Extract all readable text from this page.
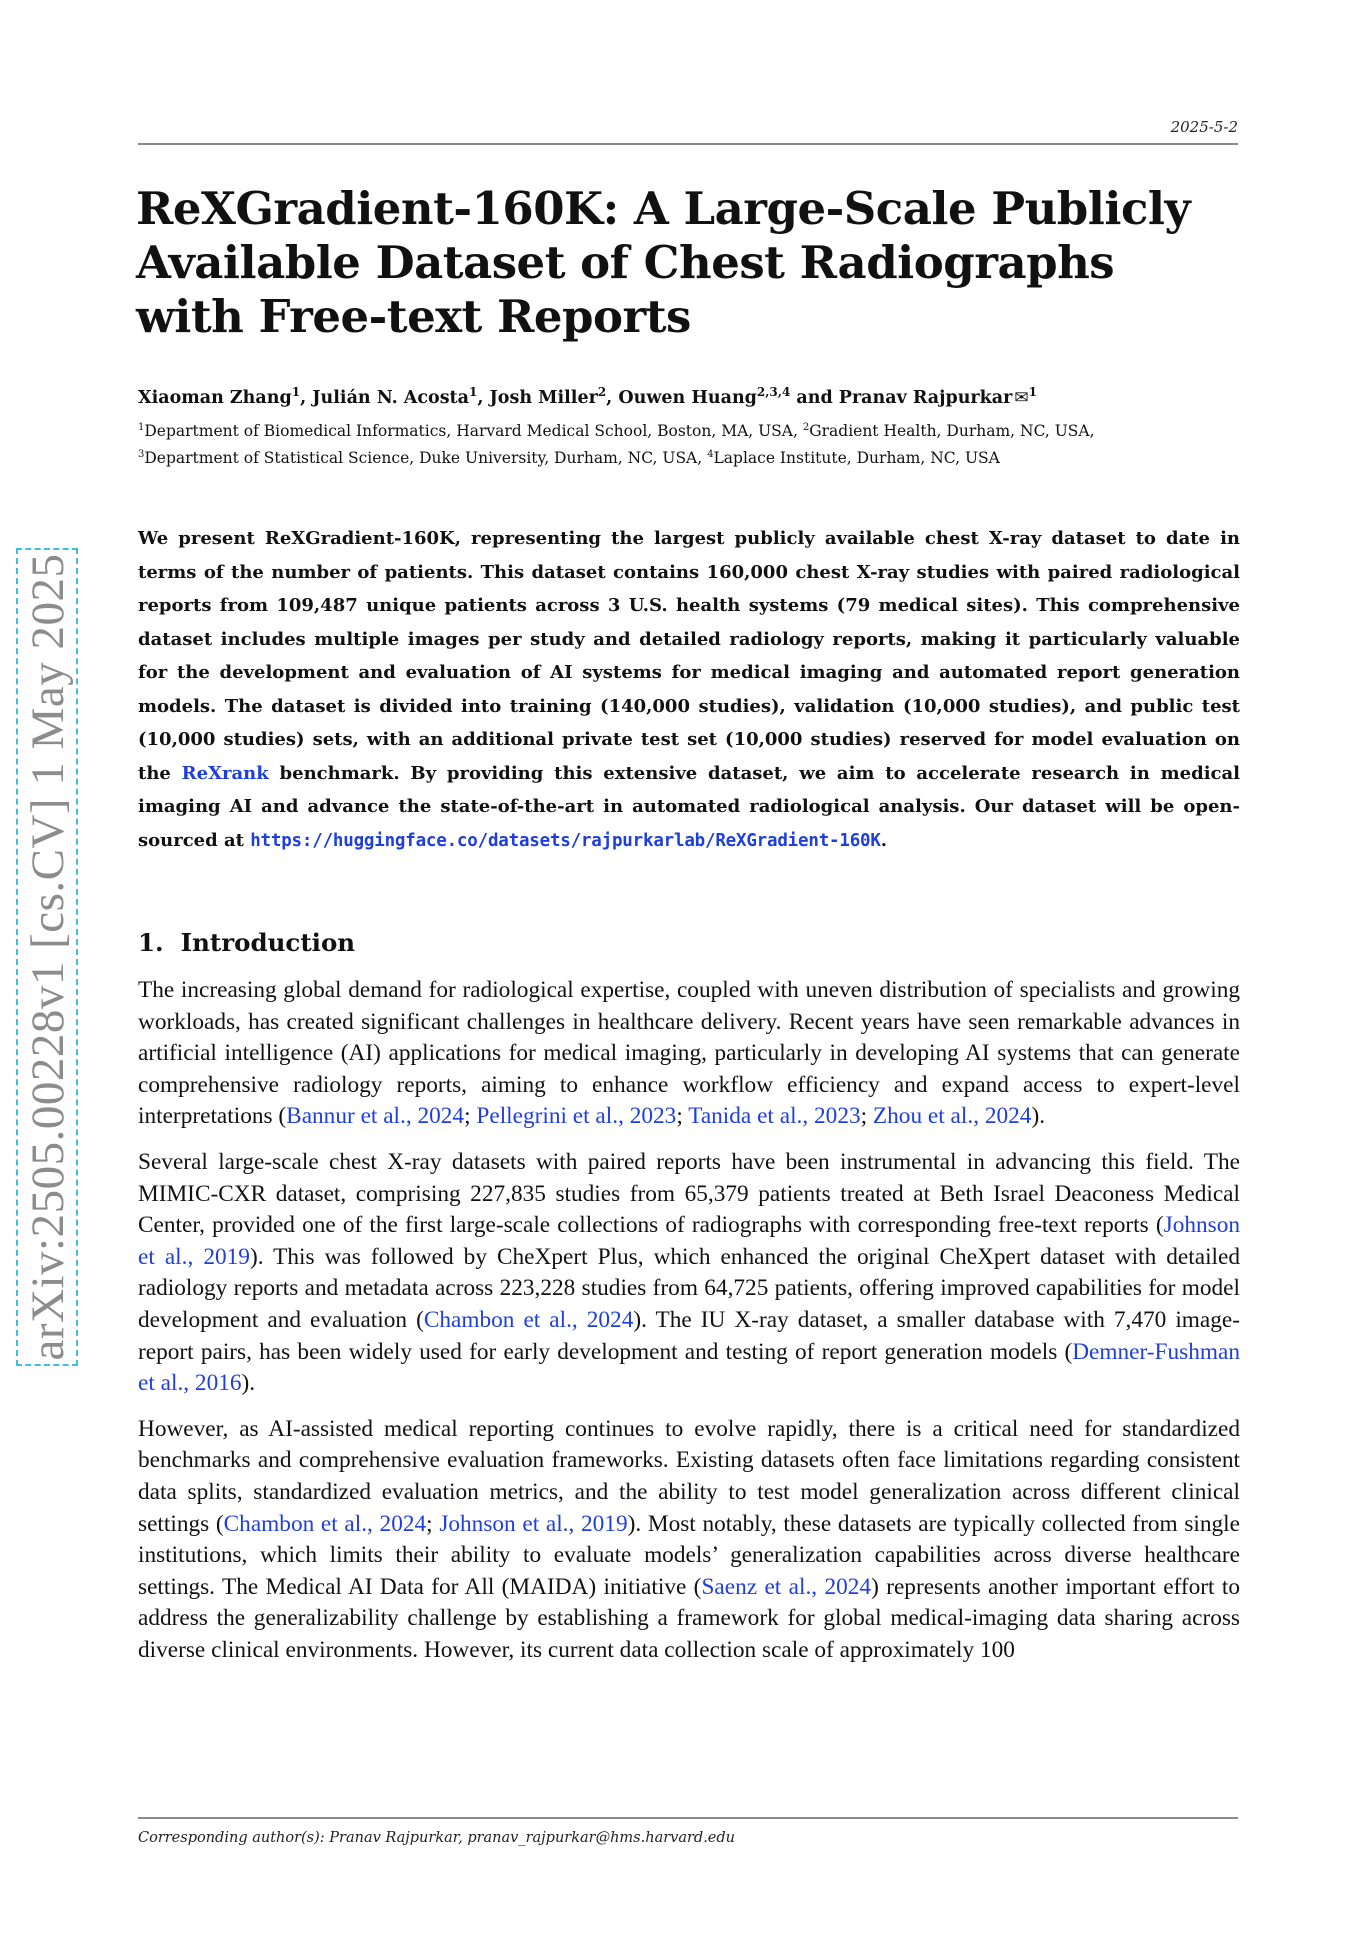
2025-5-2
arXiv:2505.00228v1 [cs.CV] 1 May 2025
ReXGradient-160K: A Large-Scale Publicly Available Dataset of Chest Radiographs with Free-text Reports
Xiaoman Zhang$^1$, Julián N. Acosta$^1$, Josh Miller$^2$, Ouwen Huang$^{2,3,4}$ and Pranav Rajpurkar ✉$^1$
$^1$Department of Biomedical Informatics, Harvard Medical School, Boston, MA, USA, $^2$Gradient Health, Durham, NC, USA,
$^3$Department of Statistical Science, Duke University, Durham, NC, USA, $^4$Laplace Institute, Durham, NC, USA

We present ReXGradient-160K, representing the largest publicly available chest X-ray dataset to date in terms of the number of patients. This dataset contains 160,000 chest X-ray studies with paired radiological reports from 109,487 unique patients across 3 U.S. health systems (79 medical sites). This comprehensive dataset includes multiple images per study and detailed radiology reports, making it particularly valuable for the development and evaluation of AI systems for medical imaging and automated report generation models. The dataset is divided into training (140,000 studies), validation (10,000 studies), and public test (10,000 studies) sets, with an additional private test set (10,000 studies) reserved for model evaluation on the ReXrank benchmark. By providing this extensive dataset, we aim to accelerate research in medical imaging AI and advance the state-of-the-art in automated radiological analysis. Our dataset will be open-sourced at https://huggingface.co/datasets/rajpurkarlab/ReXGradient-160K.

1. Introduction

The increasing global demand for radiological expertise, coupled with uneven distribution of specialists and growing workloads, has created significant challenges in healthcare delivery. Recent years have seen remarkable advances in artificial intelligence (AI) applications for medical imaging, particularly in developing AI systems that can generate comprehensive radiology reports, aiming to enhance workflow efficiency and expand access to expert-level interpretations (Bannur et al., 2024; Pellegrini et al., 2023; Tanida et al., 2023; Zhou et al., 2024).

Several large-scale chest X-ray datasets with paired reports have been instrumental in advancing this field. The MIMIC-CXR dataset, comprising 227,835 studies from 65,379 patients treated at Beth Israel Deaconess Medical Center, provided one of the first large-scale collections of radiographs with corresponding free-text reports (Johnson et al., 2019). This was followed by CheXpert Plus, which enhanced the original CheXpert dataset with detailed radiology reports and metadata across 223,228 studies from 64,725 patients, offering improved capabilities for model development and evaluation (Chambon et al., 2024). The IU X-ray dataset, a smaller database with 7,470 image-report pairs, has been widely used for early development and testing of report generation models (Demner-Fushman et al., 2016).

However, as AI-assisted medical reporting continues to evolve rapidly, there is a critical need for standardized benchmarks and comprehensive evaluation frameworks. Existing datasets often face limitations regarding consistent data splits, standardized evaluation metrics, and the ability to test model generalization across different clinical settings (Chambon et al., 2024; Johnson et al., 2019). Most notably, these datasets are typically collected from single institutions, which limits their ability to evaluate models’ generalization capabilities across diverse healthcare settings. The Medical AI Data for All (MAIDA) initiative (Saenz et al., 2024) represents another important effort to address the generalizability challenge by establishing a framework for global medical-imaging data sharing across diverse clinical environments. However, its current data collection scale of approximately 100

Corresponding author(s): Pranav Rajpurkar, pranav_rajpurkar@hms.harvard.edu
